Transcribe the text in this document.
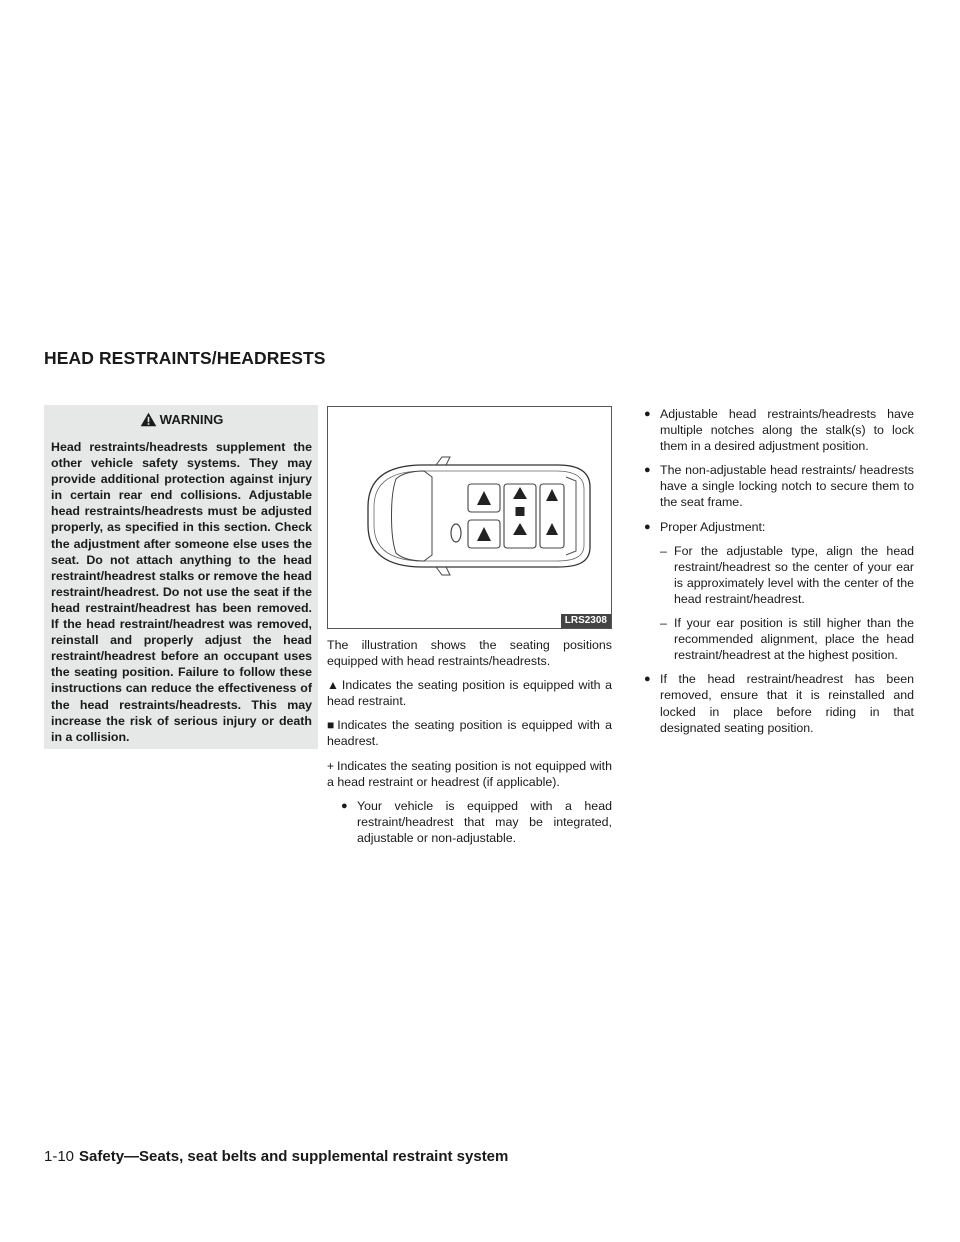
HEAD RESTRAINTS/HEADRESTS
WARNING

Head restraints/headrests supplement the other vehicle safety systems. They may provide additional protection against injury in certain rear end collisions. Adjustable head restraints/headrests must be adjusted properly, as specified in this section. Check the adjustment after someone else uses the seat. Do not attach anything to the head restraint/headrest stalks or remove the head restraint/headrest. Do not use the seat if the head restraint/headrest has been removed. If the head restraint/headrest was removed, reinstall and properly adjust the head restraint/headrest before an occupant uses the seating position. Failure to follow these instructions can reduce the effectiveness of the head restraints/headrests. This may increase the risk of serious injury or death in a collision.

LRS2308

The illustration shows the seating positions equipped with head restraints/headrests.

▲ Indicates the seating position is equipped with a head restraint.

■ Indicates the seating position is equipped with a headrest.

+ Indicates the seating position is not equipped with a head restraint or headrest (if applicable).

● Your vehicle is equipped with a head restraint/headrest that may be integrated, adjustable or non-adjustable.
● Adjustable head restraints/headrests have multiple notches along the stalk(s) to lock them in a desired adjustment position.
● The non-adjustable head restraints/ headrests have a single locking notch to secure them to the seat frame.
● Proper Adjustment:
– For the adjustable type, align the head restraint/headrest so the center of your ear is approximately level with the center of the head restraint/headrest.
– If your ear position is still higher than the recommended alignment, place the head restraint/headrest at the highest position.
● If the head restraint/headrest has been removed, ensure that it is reinstalled and locked in place before riding in that designated seating position.
1-10 Safety—Seats, seat belts and supplemental restraint system
